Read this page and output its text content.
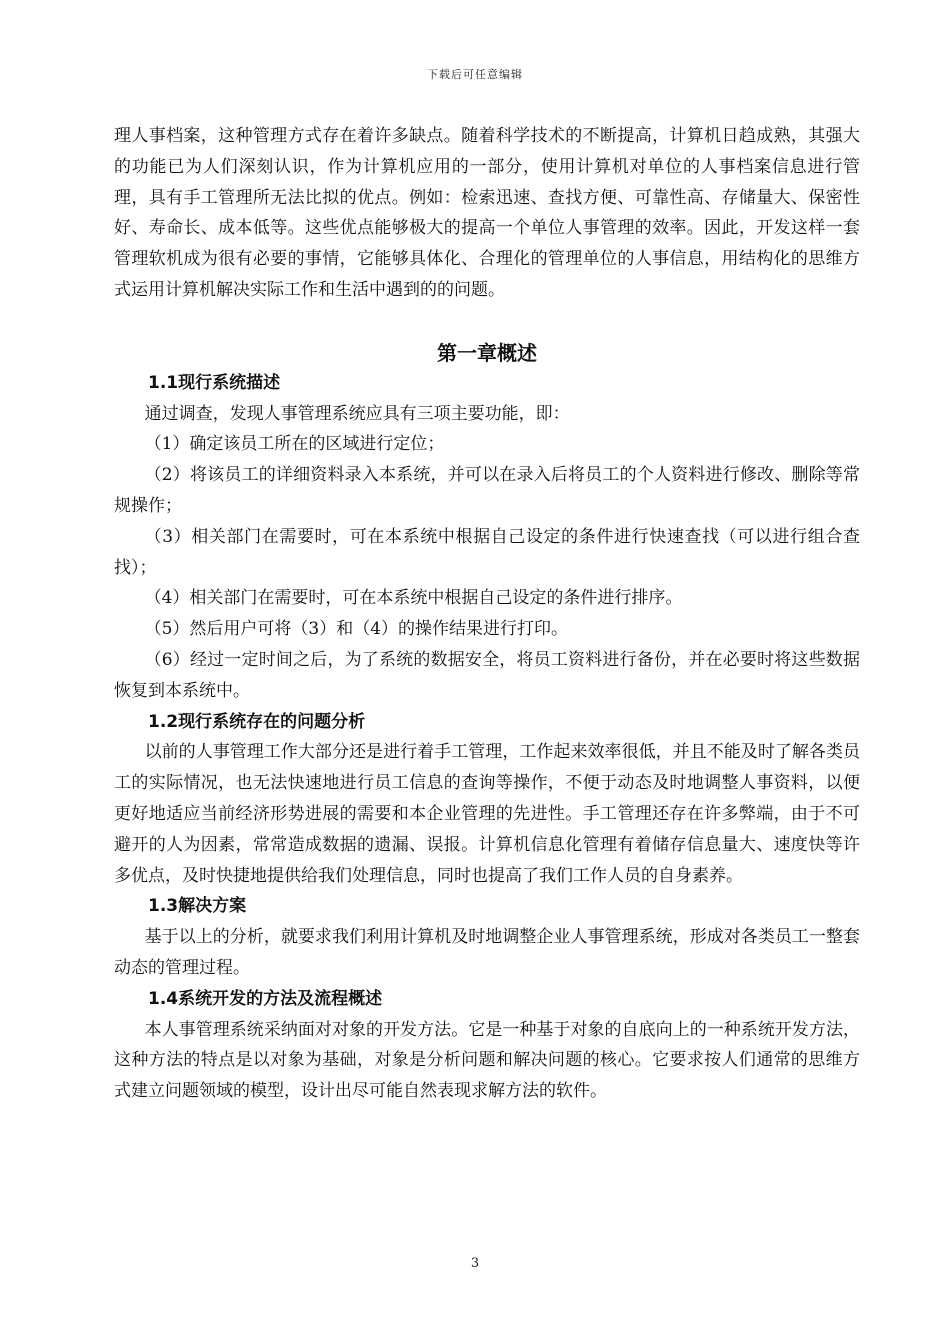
下载后可任意编辑

理人事档案，这种管理方式存在着许多缺点。随着科学技术的不断提高，计算机日趋成熟，其强大的功能已为人们深刻认识，作为计算机应用的一部分，使用计算机对单位的人事档案信息进行管理，具有手工管理所无法比拟的优点。例如：检索迅速、查找方便、可靠性高、存储量大、保密性好、寿命长、成本低等。这些优点能够极大的提高一个单位人事管理的效率。因此，开发这样一套管理软机成为很有必要的事情，它能够具体化、合理化的管理单位的人事信息，用结构化的思维方式运用计算机解决实际工作和生活中遇到的的问题。

第一章概述
1.1现行系统描述

通过调查，发现人事管理系统应具有三项主要功能，即：

（1）确定该员工所在的区域进行定位；

（2）将该员工的详细资料录入本系统，并可以在录入后将员工的个人资料进行修改、删除等常规操作；

（3）相关部门在需要时，可在本系统中根据自己设定的条件进行快速查找（可以进行组合查找）；

（4）相关部门在需要时，可在本系统中根据自己设定的条件进行排序。

（5）然后用户可将（3）和（4）的操作结果进行打印。

（6）经过一定时间之后，为了系统的数据安全，将员工资料进行备份，并在必要时将这些数据恢复到本系统中。

1.2现行系统存在的问题分析

以前的人事管理工作大部分还是进行着手工管理，工作起来效率很低，并且不能及时了解各类员工的实际情况，也无法快速地进行员工信息的查询等操作，不便于动态及时地调整人事资料，以便更好地适应当前经济形势进展的需要和本企业管理的先进性。手工管理还存在许多弊端，由于不可避开的人为因素，常常造成数据的遗漏、误报。计算机信息化管理有着储存信息量大、速度快等许多优点，及时快捷地提供给我们处理信息，同时也提高了我们工作人员的自身素养。

1.3解决方案

基于以上的分析，就要求我们利用计算机及时地调整企业人事管理系统，形成对各类员工一整套动态的管理过程。

1.4系统开发的方法及流程概述

本人事管理系统采纳面对对象的开发方法。它是一种基于对象的自底向上的一种系统开发方法，这种方法的特点是以对象为基础，对象是分析问题和解决问题的核心。它要求按人们通常的思维方式建立问题领域的模型，设计出尽可能自然表现求解方法的软件。

3
